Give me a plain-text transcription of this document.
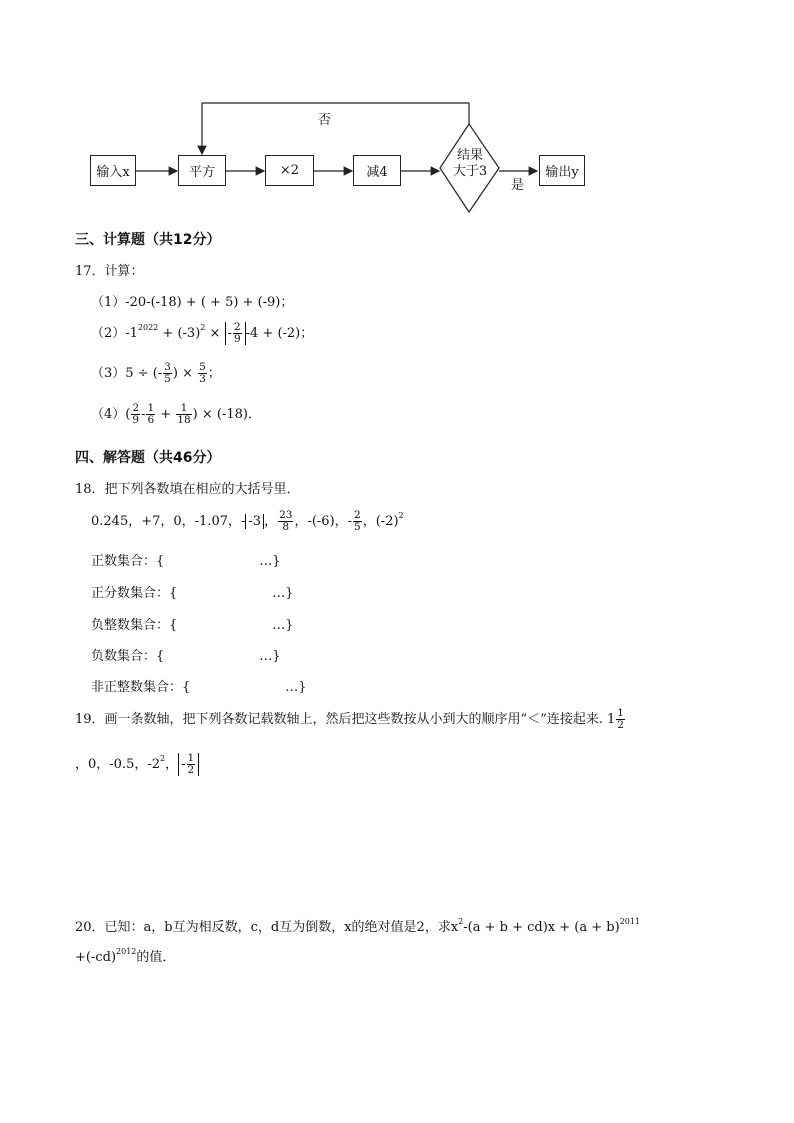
输入x	平方	×2	减4
结果
大于3	输出y
否
是
三、计算题（共12分）
17．计算：
（1）-20-(-18) + ( + 5) + (-9)；
$(2)-1^{2022} + (-3)^2$ × - $\frac{2}{9} -4 + (-2)$；
（3）5 ÷ (- $\frac{3}{5}$ ) × $\frac{5}{3}$ ；
$(4)( \frac{2}{9} - \frac{1}{6} + \frac{1}{18}$ ) × (-18)．
四、解答题（共46分）
18．把下列各数填在相应的大括号里．
0.245，+7，0，-1.07，- -3 ， $\frac{23}{8}$ ，-(-6)，- $\frac{2}{5}$ ，$(-2)^2$
正数集合：{	…}
正分数集合：{	…}
负整数集合：{	…}
负数集合：{	…}
非正整数集合：{	…}
19．画一条数轴，把下列各数记载数轴上，然后把这些数按从小到大的顺序用“＜”连接起来. $1 \frac{1}{2}$
，0，-0.5，$-2^2$， - $\frac{1}{2}$
20．已知：a，b互为相反数，c，d互为倒数，x的绝对值是2，求$x^2-(a + b + cd)x + (a + b)^{2011}$
$+(-cd)^{2012}$的值．
